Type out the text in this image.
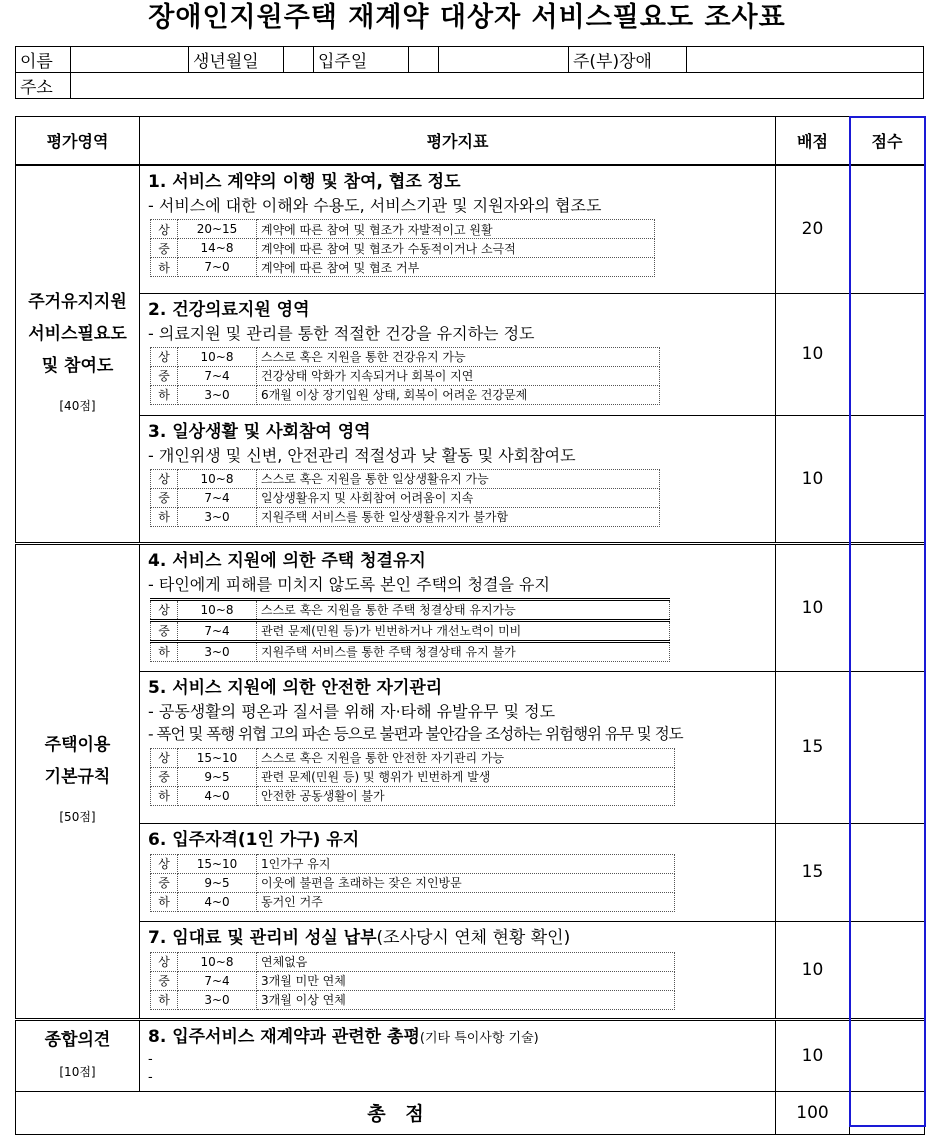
장애인지원주택 재계약 대상자 서비스필요도 조사표
이름		생년월일		입주일			주(부)장애	
주소								
평가영역	평가지표	배점	점수
주거유지지원
서비스필요도
및 참여도
[40점]

1. 서비스 계약의 이행 및 참여, 협조 정도
- 서비스에 대한 이해와 수용도, 서비스기관 및 지원자와의 협조도
상	20~15	계약에 따른 참여 및 협조가 자발적이고 원활
중	14~8	계약에 따른 참여 및 협조가 수동적이거나 소극적
하	7~0	계약에 따른 참여 및 협조 거부
	20	

2. 건강의료지원 영역
- 의료지원 및 관리를 통한 적절한 건강을 유지하는 정도
상	10~8	스스로 혹은 지원을 통한 건강유지 가능
중	7~4	건강상태 악화가 지속되거나 회복이 지연
하	3~0	6개월 이상 장기입원 상태, 회복이 어려운 건강문제
	10	

3. 일상생활 및 사회참여 영역
- 개인위생 및 신변, 안전관리 적절성과 낮 활동 및 사회참여도
상	10~8	스스로 혹은 지원을 통한 일상생활유지 가능
중	7~4	일상생활유지 및 사회참여 어려움이 지속
하	3~0	지원주택 서비스를 통한 일상생활유지가 불가함
	10	
주택이용
기본규칙
[50점]

4. 서비스 지원에 의한 주택 청결유지
- 타인에게 피해를 미치지 않도록 본인 주택의 청결을 유지
상	10~8	스스로 혹은 지원을 통한 주택 청결상태 유지가능
중	7~4	관련 문제(민원 등)가 빈번하거나 개선노력이 미비
하	3~0	지원주택 서비스를 통한 주택 청결상태 유지 불가
	10	

5. 서비스 지원에 의한 안전한 자기관리
- 공동생활의 평온과 질서를 위해 자·타해 유발유무 및 정도
- 폭언 및 폭행 위협 고의 파손 등으로 불편과 불안감을 조성하는 위험행위 유무 및 정도
상	15~10	스스로 혹은 지원을 통한 안전한 자기관리 가능
중	9~5	관련 문제(민원 등) 및 행위가 빈번하게 발생
하	4~0	안전한 공동생활이 불가
	15	

6. 입주자격(1인 가구) 유지
상	15~10	1인가구 유지
중	9~5	이웃에 불편을 초래하는 잦은 지인방문
하	4~0	동거인 거주
	15	

7. 임대료 및 관리비 성실 납부(조사당시 연체 현황 확인)
상	10~8	연체없음
중	7~4	3개월 미만 연체
하	3~0	3개월 이상 연체
	10	
종합의견
[10점]

8. 입주서비스 재계약과 관련한 총평(기타 특이사항 기술)
-
-
	10	
총   점	100	
